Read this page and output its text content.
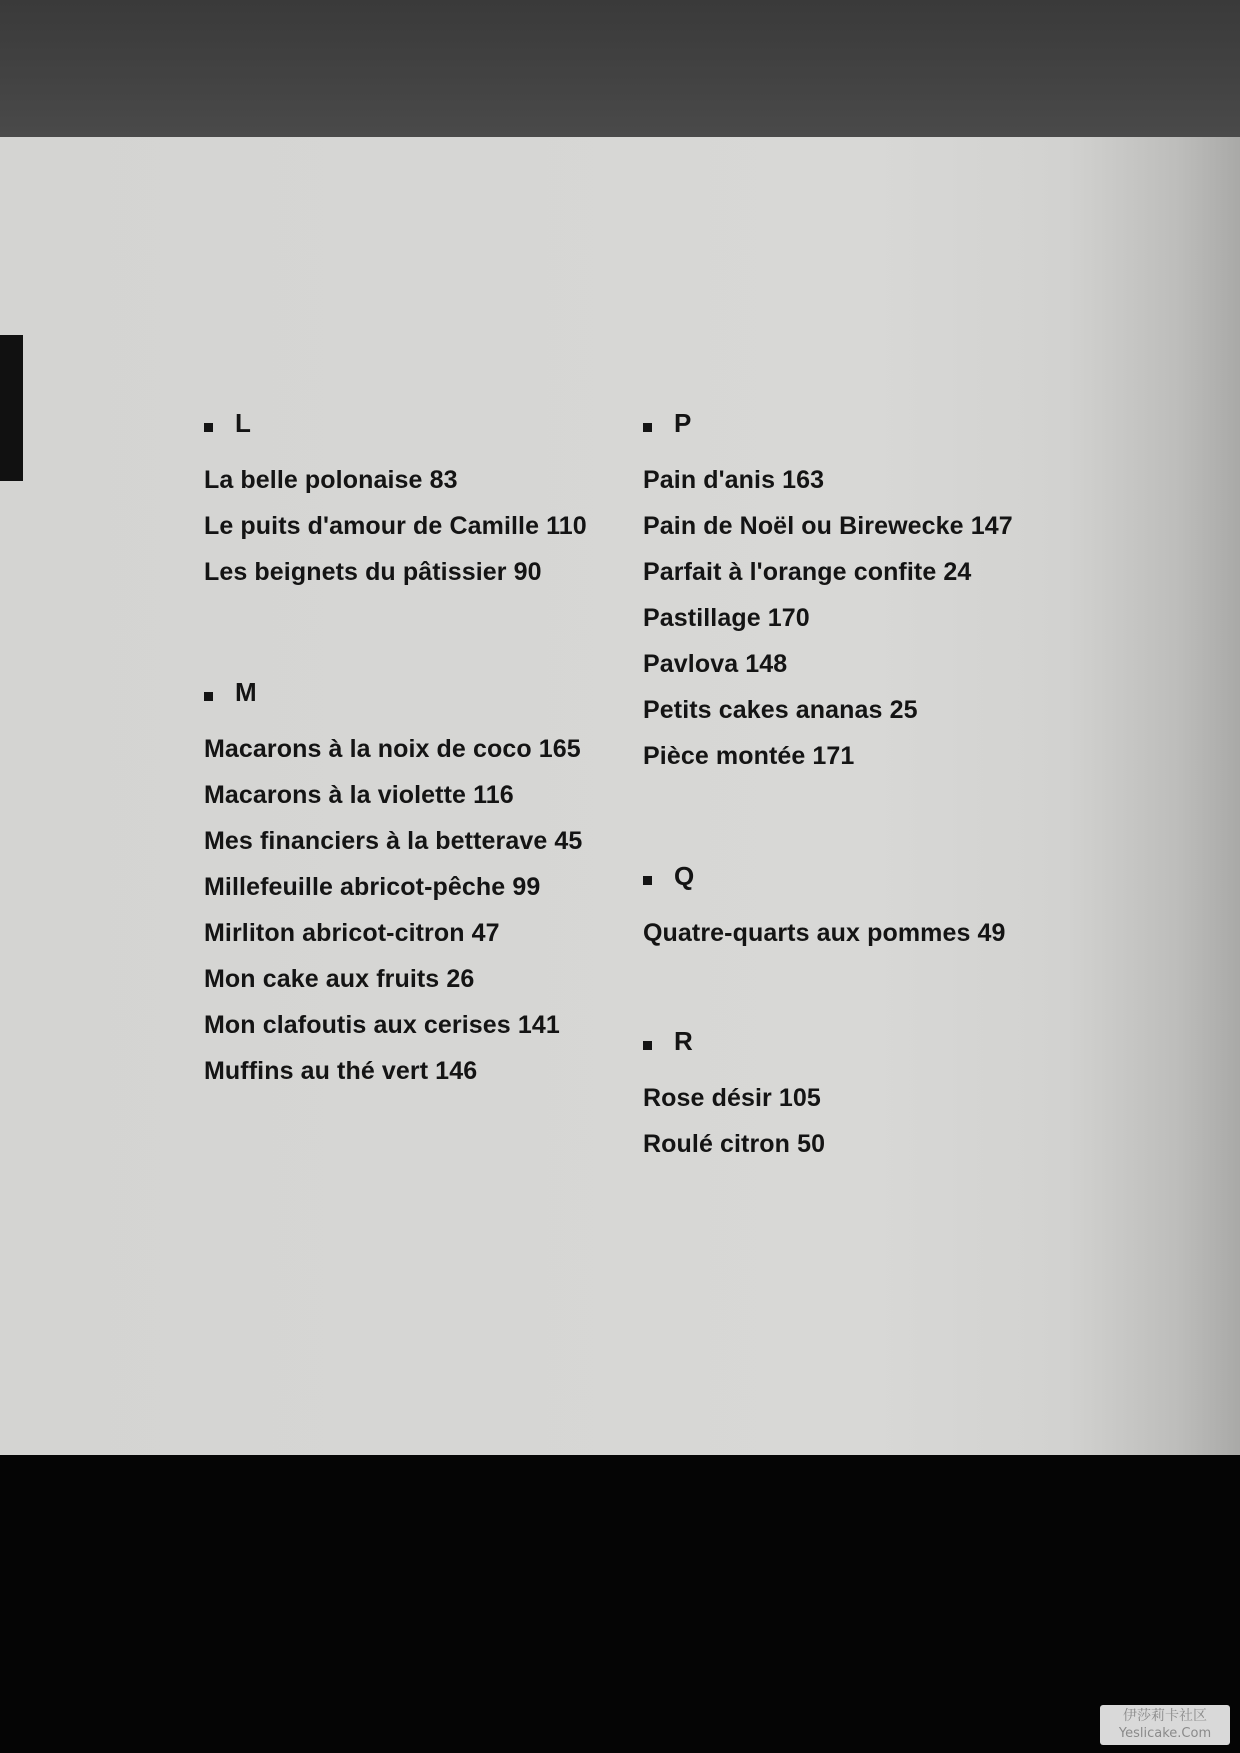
L
La belle polonaise 83
Le puits d'amour de Camille 110
Les beignets du pâtissier 90
M
Macarons à la noix de coco 165
Macarons à la violette 116
Mes financiers à la betterave 45
Millefeuille abricot-pêche 99
Mirliton abricot-citron 47
Mon cake aux fruits 26
Mon clafoutis aux cerises 141
Muffins au thé vert 146
P
Pain d'anis 163
Pain de Noël ou Birewecke 147
Parfait à l'orange confite 24
Pastillage 170
Pavlova 148
Petits cakes ananas 25
Pièce montée 171
Q
Quatre-quarts aux pommes 49
R
Rose désir 105
Roulé citron 50
伊莎莉卡社区
Yeslicake.Com
